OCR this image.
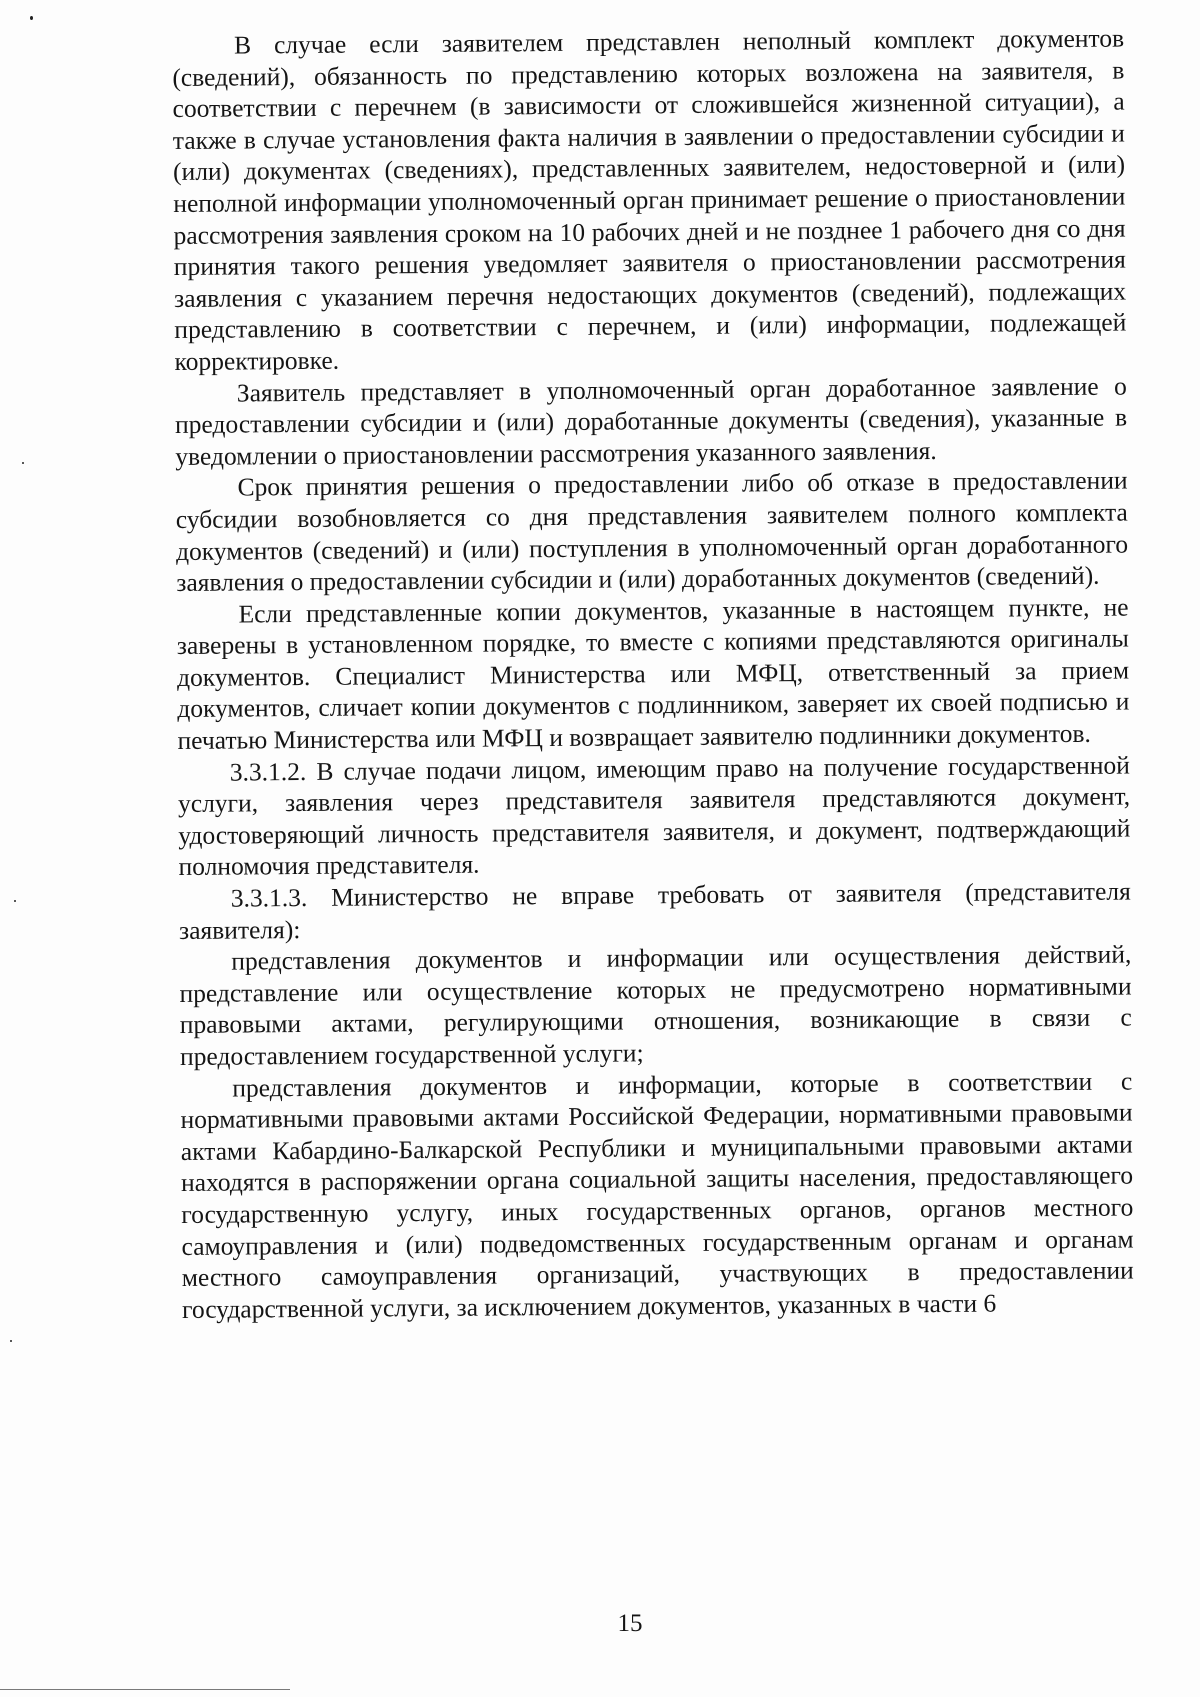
В случае если заявителем представлен неполный комплект документов (сведений), обязанность по представлению которых возложена на заявителя, в соответствии с перечнем (в зависимости от сложившейся жизненной ситуации), а также в случае установления факта наличия в заявлении о предоставлении субсидии и (или) документах (сведениях), представленных заявителем, недостоверной и (или) неполной информации уполномоченный орган принимает решение о приостановлении рассмотрения заявления сроком на 10 рабочих дней и не позднее 1 рабочего дня со дня принятия такого решения уведомляет заявителя о приостановлении рассмотрения заявления с указанием перечня недостающих документов (сведений), подлежащих представлению в соответствии с перечнем, и (или) информации, подлежащей корректировке.

Заявитель представляет в уполномоченный орган доработанное заявление о предоставлении субсидии и (или) доработанные документы (сведения), указанные в уведомлении о приостановлении рассмотрения указанного заявления.

Срок принятия решения о предоставлении либо об отказе в предоставлении субсидии возобновляется со дня представления заявителем полного комплекта документов (сведений) и (или) поступления в уполномоченный орган доработанного заявления о предоставлении субсидии и (или) доработанных документов (сведений).

Если представленные копии документов, указанные в настоящем пункте, не заверены в установленном порядке, то вместе с копиями представляются оригиналы документов. Специалист Министерства или МФЦ, ответственный за прием документов, сличает копии документов с подлинником, заверяет их своей подписью и печатью Министерства или МФЦ и возвращает заявителю подлинники документов.

3.3.1.2. В случае подачи лицом, имеющим право на получение государственной услуги, заявления через представителя заявителя представляются документ, удостоверяющий личность представителя заявителя, и документ, подтверждающий полномочия представителя.

3.3.1.3. Министерство не вправе требовать от заявителя (представителя заявителя):

представления документов и информации или осуществления действий, представление или осуществление которых не предусмотрено нормативными правовыми актами, регулирующими отношения, возникающие в связи с предоставлением государственной услуги;

представления документов и информации, которые в соответствии с нормативными правовыми актами Российской Федерации, нормативными правовыми актами Кабардино-Балкарской Республики и муниципальными правовыми актами находятся в распоряжении органа социальной защиты населения, предоставляющего государственную услугу, иных государственных органов, органов местного самоуправления и (или) подведомственных государственным органам и органам местного самоуправления организаций, участвующих в предоставлении государственной услуги, за исключением документов, указанных в части 6

15
